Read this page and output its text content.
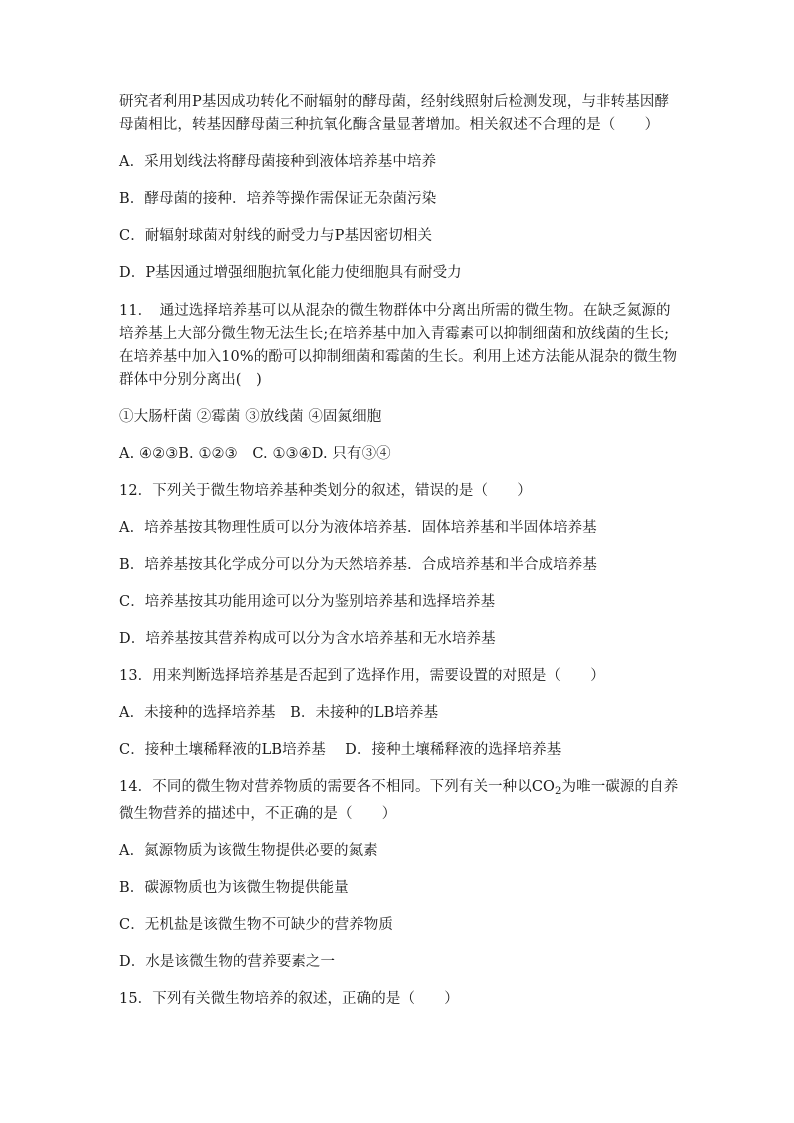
研究者利用P基因成功转化不耐辐射的酵母菌，经射线照射后检测发现，与非转基因酵
母菌相比，转基因酵母菌三种抗氧化酶含量显著增加。相关叙述不合理的是（　　）
A．采用划线法将酵母菌接种到液体培养基中培养
B．酵母菌的接种．培养等操作需保证无杂菌污染
C．耐辐射球菌对射线的耐受力与P基因密切相关
D．P基因通过增强细胞抗氧化能力使细胞具有耐受力
11．　通过选择培养基可以从混杂的微生物群体中分离出所需的微生物。在缺乏氮源的
培养基上大部分微生物无法生长;在培养基中加入青霉素可以抑制细菌和放线菌的生长;
在培养基中加入10%的酚可以抑制细菌和霉菌的生长。利用上述方法能从混杂的微生物
群体中分别分离出(　)
①大肠杆菌 ②霉菌 ③放线菌 ④固氮细胞
A. ④②③B. ①②③　C. ①③④D. 只有③④
12．下列关于微生物培养基种类划分的叙述，错误的是（　　）
A．培养基按其物理性质可以分为液体培养基．固体培养基和半固体培养基
B．培养基按其化学成分可以分为天然培养基．合成培养基和半合成培养基
C．培养基按其功能用途可以分为鉴别培养基和选择培养基
D．培养基按其营养构成可以分为含水培养基和无水培养基
13．用来判断选择培养基是否起到了选择作用，需要设置的对照是（　　）
A．未接种的选择培养基　B．未接种的LB培养基
C．接种土壤稀释液的LB培养基　 D．接种土壤稀释液的选择培养基
14．不同的微生物对营养物质的需要各不相同。下列有关一种以$CO_2$为唯一碳源的自养
微生物营养的描述中，不正确的是（　　）
A．氮源物质为该微生物提供必要的氮素
B．碳源物质也为该微生物提供能量
C．无机盐是该微生物不可缺少的营养物质
D．水是该微生物的营养要素之一
15．下列有关微生物培养的叙述，正确的是（　　）
